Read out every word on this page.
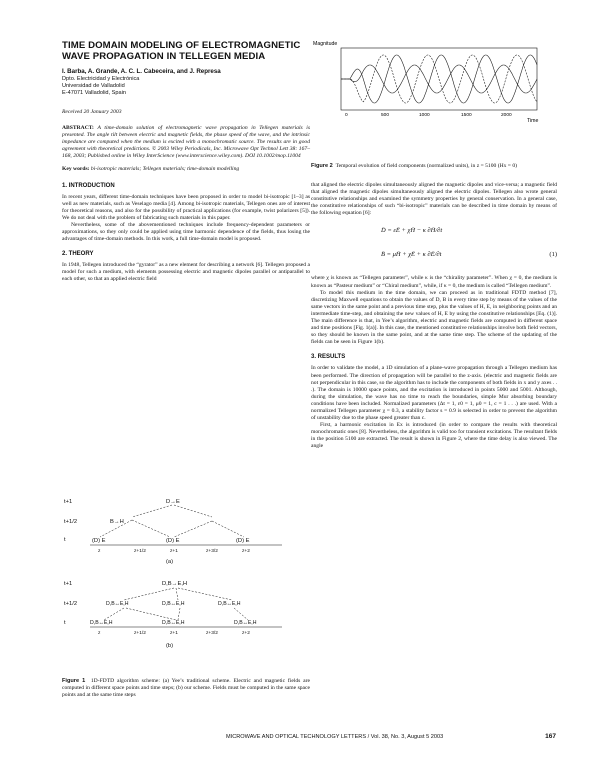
TIME DOMAIN MODELING OF ELECTROMAGNETIC WAVE PROPAGATION IN TELLEGEN MEDIA
I. Barba, A. Grande, A. C. L. Cabeceira, and J. Represa
Dpto. Electricidad y Electrónica
Universidad de Valladolid
E-47071 Valladolid, Spain
Received 20 January 2003

ABSTRACT: A time-domain solution of electromagnetic wave propagation in Tellegen materials is presented. The angle tilt between electric and magnetic fields, the phase speed of the wave, and the intrinsic impedance are computed when the medium is excited with a monochromatic source. The results are in good agreement with theoretical predictions. © 2003 Wiley Periodicals, Inc. Microwave Opt Technol Lett 38: 167–168, 2003; Published online in Wiley InterScience (www.interscience.wiley.com). DOI 10.1002/mop.11004

Key words: bi-isotropic materials; Tellegen materials; time-domain modelling

1. INTRODUCTION

In recent years, different time-domain techniques have been proposed in order to model bi-isotropic [1–3] as well as new materials, such as Veselago media [4]. Among bi-isotropic materials, Tellegen ones are of interest for theoretical reasons, and also for the possibility of practical applications (for example, twist polarizers [5]). We do not deal with the problem of fabricating such materials in this paper.

Nevertheless, some of the abovementioned techniques include frequency-dependent parameters or approximations, so they only could be applied using time harmonic dependence of the fields, thus losing the advantages of time-domain methods. In this work, a full time-domain model is proposed.

2. THEORY

In 1948, Tellegen introduced the “gyrator” as a new element for describing a network [6]. Tellegen proposed a model for such a medium, with elements possessing electric and magnetic dipoles parallel or antiparallel to each other, so that an applied electric field

t+1
t+1/2
t
D→E
B→H
(D) E	(D) E	(D) E
z	z+1/2	z+1	z+3/2	z+2
(a)
t+1
t+1/2
t
D,B→E,H
D,B↔E,H	D,B↔E,H	D,B↔E,H
D,B↔E,H	D,B↔E,H	D,B↔E,H
z	z+1/2	z+1	z+3/2	z+2
(b)
Figure 1 1D-FDTD algorithm scheme: (a) Yee’s traditional scheme. Electric and magnetic fields are computed in different space points and time steps; (b) our scheme. Fields must be computed in the same space points and at the same time steps
Magnitude
0	500	1000	1500	2000
Time
Figure 2 Temporal evolution of field components (normalized units), in z = 5100 (Hx = 0)

that aligned the electric dipoles simultaneously aligned the magnetic dipoles and vice-versa; a magnetic field that aligned the magnetic dipoles simultaneously aligned the electric dipoles. Tellegen also wrote general constitutive relationships and examined the symmetry properties by general conservation. In a general case, the constitutive relationships of such “bi-isotropic” materials can be described in time domain by means of the following equation [6]:

D̄ = εĒ + χH̄ − κ ∂H̄/∂t
B̄ = μH̄ + χĒ + κ ∂Ē/∂t	(1)

where χ is known as “Tellegen parameter”, while κ is the “chirality parameter”. When χ = 0, the medium is known as “Pasteur medium” or “Chiral medium”, while, if κ = 0, the medium is called “Tellegen medium”.

To model this medium in the time domain, we can proceed as in traditional FDTD method [7], discretizing Maxwell equations to obtain the values of D, B in every time step by means of the values of the same vectors in the same point and a previous time step, plus the values of H, E, in neighboring points and an intermediate time-step, and obtaining the new values of H, E by using the constitutive relationships [Eq. (1)]. The main difference is that, in Yee’s algorithm, electric and magnetic fields are computed in different space and time positions [Fig. 1(a)]. In this case, the mentioned constitutive relationships involve both field vectors, so they should be known in the same point, and at the same time step. The scheme of the updating of the fields can be seen in Figure 1(b).

3. RESULTS

In order to validate the model, a 1D simulation of a plane-wave propagation through a Tellegen medium has been performed. The direction of propagation will be parallel to the z-axis. (electric and magnetic fields are not perpendicular in this case, so the algorithm has to include the components of both fields in x and y axes . . .). The domain is 10000 space points, and the excitation is introduced in points 5000 and 5001. Although, during the simulation, the wave has no time to reach the boundaries, simple Mur absorbing boundary conditions have been included. Normalized parameters (Δt = 1, ε0 = 1, μ0 = 1, c = 1 . . .) are used. With a normalized Tellegen parameter χ = 0.3, a stability factor s = 0.9 is selected in order to prevent the algorithm of unstability due to the phase speed greater than c.

First, a harmonic excitation in Ex is introduced (in order to compare the results with theoretical monochromatic ones [8]. Nevertheless, the algorithm is valid too for transient excitations. The resultant fields in the position 5100 are extracted. The result is shown in Figure 2, where the time delay is also viewed. The angle

MICROWAVE AND OPTICAL TECHNOLOGY LETTERS / Vol. 38, No. 3, August 5 2003	167
